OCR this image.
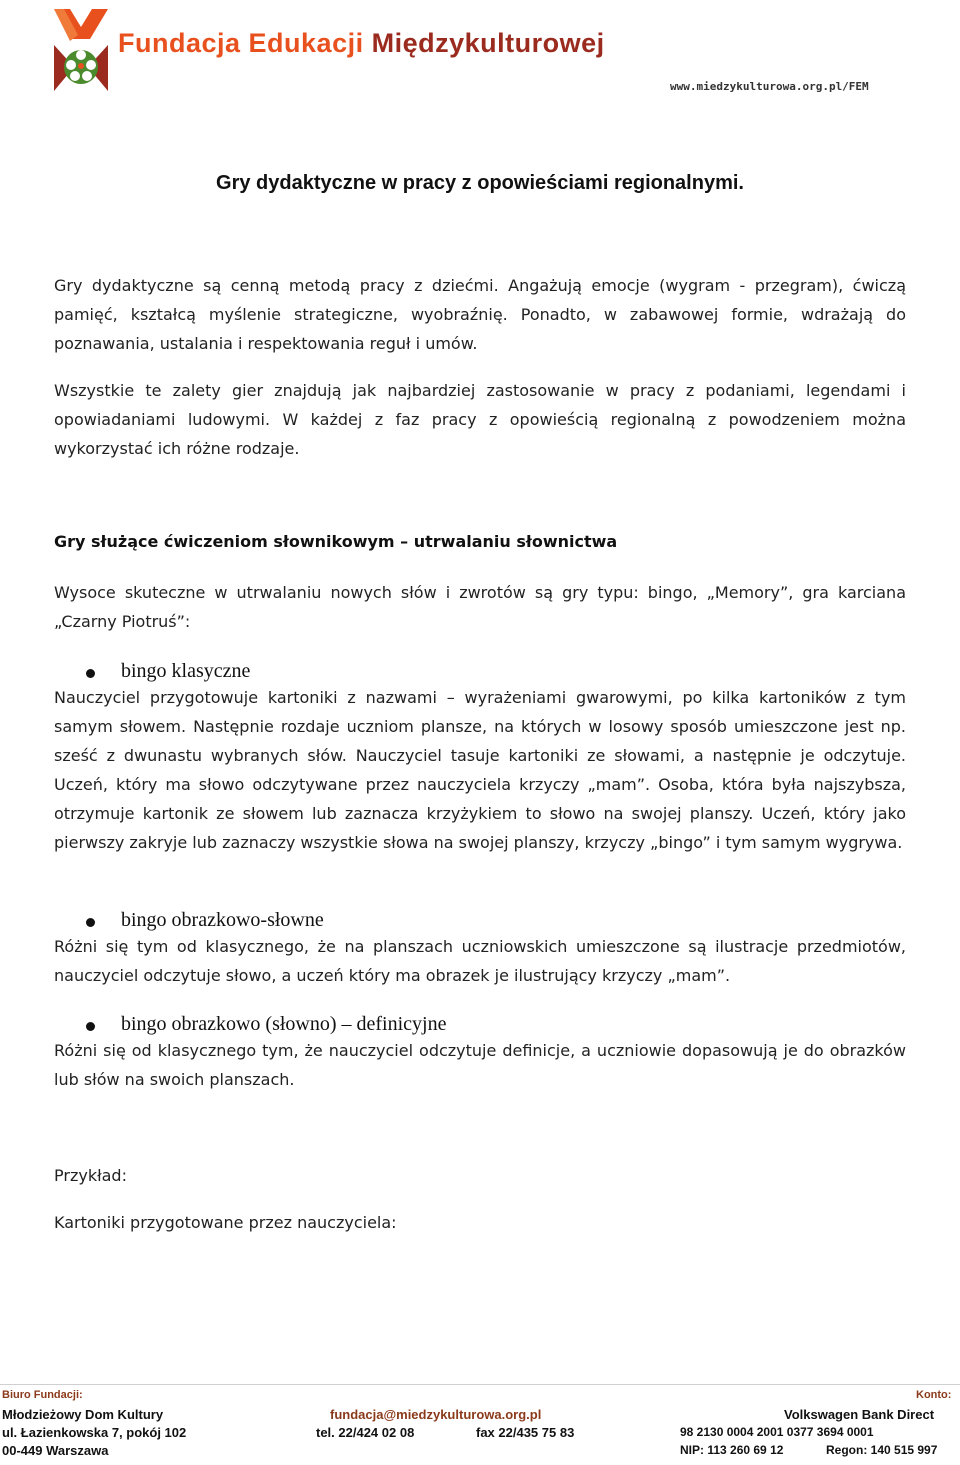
Fundacja Edukacji Międzykulturowej
www.miedzykulturowa.org.pl/FEM
Gry dydaktyczne w pracy z opowieściami regionalnymi.

Gry dydaktyczne są cenną metodą pracy z dziećmi. Angażują emocje (wygram - przegram), ćwiczą pamięć, kształcą myślenie strategiczne, wyobraźnię. Ponadto, w zabawowej formie, wdrażają do poznawania, ustalania i respektowania reguł i umów.

Wszystkie te zalety gier znajdują jak najbardziej zastosowanie w pracy z podaniami, legendami i opowiadaniami ludowymi. W każdej z faz pracy z opowieścią regionalną z powodzeniem można wykorzystać ich różne rodzaje.

Gry służące ćwiczeniom słownikowym – utrwalaniu słownictwa

Wysoce skuteczne w utrwalaniu nowych słów i zwrotów są gry typu: bingo, „Memory”, gra karciana „Czarny Piotruś”:

bingo klasyczne

Nauczyciel przygotowuje kartoniki z nazwami – wyrażeniami gwarowymi, po kilka kartoników z tym samym słowem. Następnie rozdaje uczniom plansze, na których w losowy sposób umieszczone jest np. sześć z dwunastu wybranych słów. Nauczyciel tasuje kartoniki ze słowami, a następnie je odczytuje. Uczeń, który ma słowo odczytywane przez nauczyciela krzyczy „mam”. Osoba, która była najszybsza, otrzymuje kartonik ze słowem lub zaznacza krzyżykiem to słowo na swojej planszy. Uczeń, który jako pierwszy zakryje lub zaznaczy wszystkie słowa na swojej planszy, krzyczy „bingo” i tym samym wygrywa.

bingo obrazkowo-słowne

Różni się tym od klasycznego, że na planszach uczniowskich umieszczone są ilustracje przedmiotów, nauczyciel odczytuje słowo, a uczeń który ma obrazek je ilustrujący krzyczy „mam”.

bingo obrazkowo (słowno) – definicyjne

Różni się od klasycznego tym, że nauczyciel odczytuje definicje, a uczniowie dopasowują je do obrazków lub słów na swoich planszach.

Przykład:

Kartoniki przygotowane przez nauczyciela:

Biuro Fundacji:
Młodzieżowy Dom Kultury
ul. Łazienkowska 7, pokój 102
00-449 Warszawa
fundacja@miedzykulturowa.org.pl
tel. 22/424 02 08	fax 22/435 75 83
Konto:
Volkswagen Bank Direct
98 2130 0004 2001 0377 3694 0001
NIP: 113 260 69 12	Regon: 140 515 997
